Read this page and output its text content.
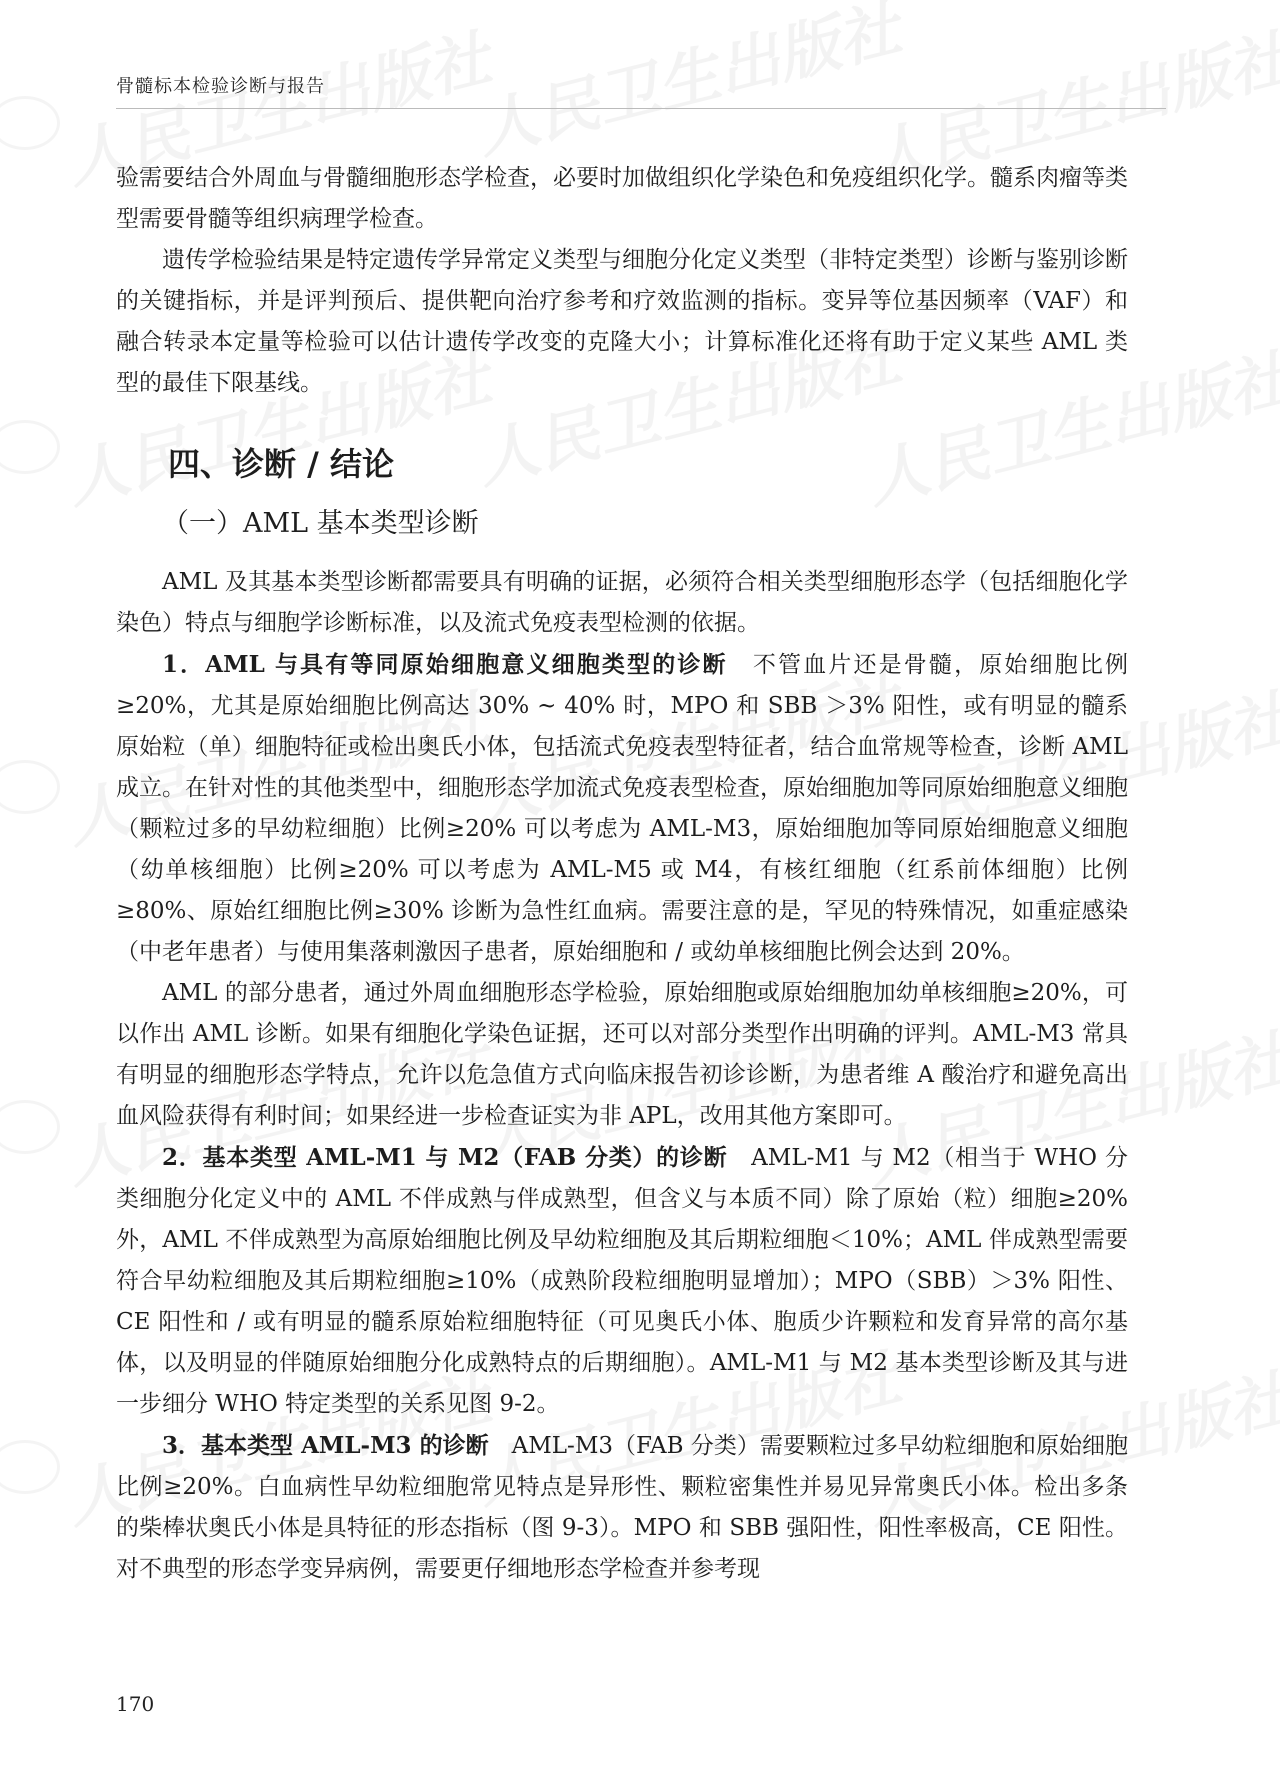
骨髓标本检验诊断与报告

验需要结合外周血与骨髓细胞形态学检查，必要时加做组织化学染色和免疫组织化学。髓系肉瘤等类型需要骨髓等组织病理学检查。

遗传学检验结果是特定遗传学异常定义类型与细胞分化定义类型（非特定类型）诊断与鉴别诊断的关键指标，并是评判预后、提供靶向治疗参考和疗效监测的指标。变异等位基因频率（VAF）和融合转录本定量等检验可以估计遗传学改变的克隆大小；计算标准化还将有助于定义某些 AML 类型的最佳下限基线。

四、诊断 / 结论
（一）AML 基本类型诊断

AML 及其基本类型诊断都需要具有明确的证据，必须符合相关类型细胞形态学（包括细胞化学染色）特点与细胞学诊断标准，以及流式免疫表型检测的依据。

1．AML 与具有等同原始细胞意义细胞类型的诊断　 不管血片还是骨髓，原始细胞比例≥20%，尤其是原始细胞比例高达 30% ~ 40% 时，MPO 和 SBB ＞3% 阳性，或有明显的髓系原始粒（单）细胞特征或检出奥氏小体，包括流式免疫表型特征者，结合血常规等检查，诊断 AML 成立。在针对性的其他类型中，细胞形态学加流式免疫表型检查，原始细胞加等同原始细胞意义细胞（颗粒过多的早幼粒细胞）比例≥20% 可以考虑为 AML-M3，原始细胞加等同原始细胞意义细胞（幼单核细胞）比例≥20% 可以考虑为 AML-M5 或 M4，有核红细胞（红系前体细胞）比例≥80%、原始红细胞比例≥30% 诊断为急性红血病。需要注意的是，罕见的特殊情况，如重症感染（中老年患者）与使用集落刺激因子患者，原始细胞和 / 或幼单核细胞比例会达到 20%。

AML 的部分患者，通过外周血细胞形态学检验，原始细胞或原始细胞加幼单核细胞≥20%，可以作出 AML 诊断。如果有细胞化学染色证据，还可以对部分类型作出明确的评判。AML-M3 常具有明显的细胞形态学特点，允许以危急值方式向临床报告初诊诊断，为患者维 A 酸治疗和避免高出血风险获得有利时间；如果经进一步检查证实为非 APL，改用其他方案即可。

2．基本类型 AML-M1 与 M2（FAB 分类）的诊断　 AML-M1 与 M2（相当于 WHO 分类细胞分化定义中的 AML 不伴成熟与伴成熟型，但含义与本质不同）除了原始（粒）细胞≥20% 外，AML 不伴成熟型为高原始细胞比例及早幼粒细胞及其后期粒细胞＜10%；AML 伴成熟型需要符合早幼粒细胞及其后期粒细胞≥10%（成熟阶段粒细胞明显增加）；MPO（SBB）＞3% 阳性、CE 阳性和 / 或有明显的髓系原始粒细胞特征（可见奥氏小体、胞质少许颗粒和发育异常的高尔基体，以及明显的伴随原始细胞分化成熟特点的后期细胞）。AML-M1 与 M2 基本类型诊断及其与进一步细分 WHO 特定类型的关系见图 9-2。

3．基本类型 AML-M3 的诊断　 AML-M3（FAB 分类）需要颗粒过多早幼粒细胞和原始细胞比例≥20%。白血病性早幼粒细胞常见特点是异形性、颗粒密集性并易见异常奥氏小体。检出多条的柴棒状奥氏小体是具特征的形态指标（图 9-3）。MPO 和 SBB 强阳性，阳性率极高，CE 阳性。对不典型的形态学变异病例，需要更仔细地形态学检查并参考现

170
